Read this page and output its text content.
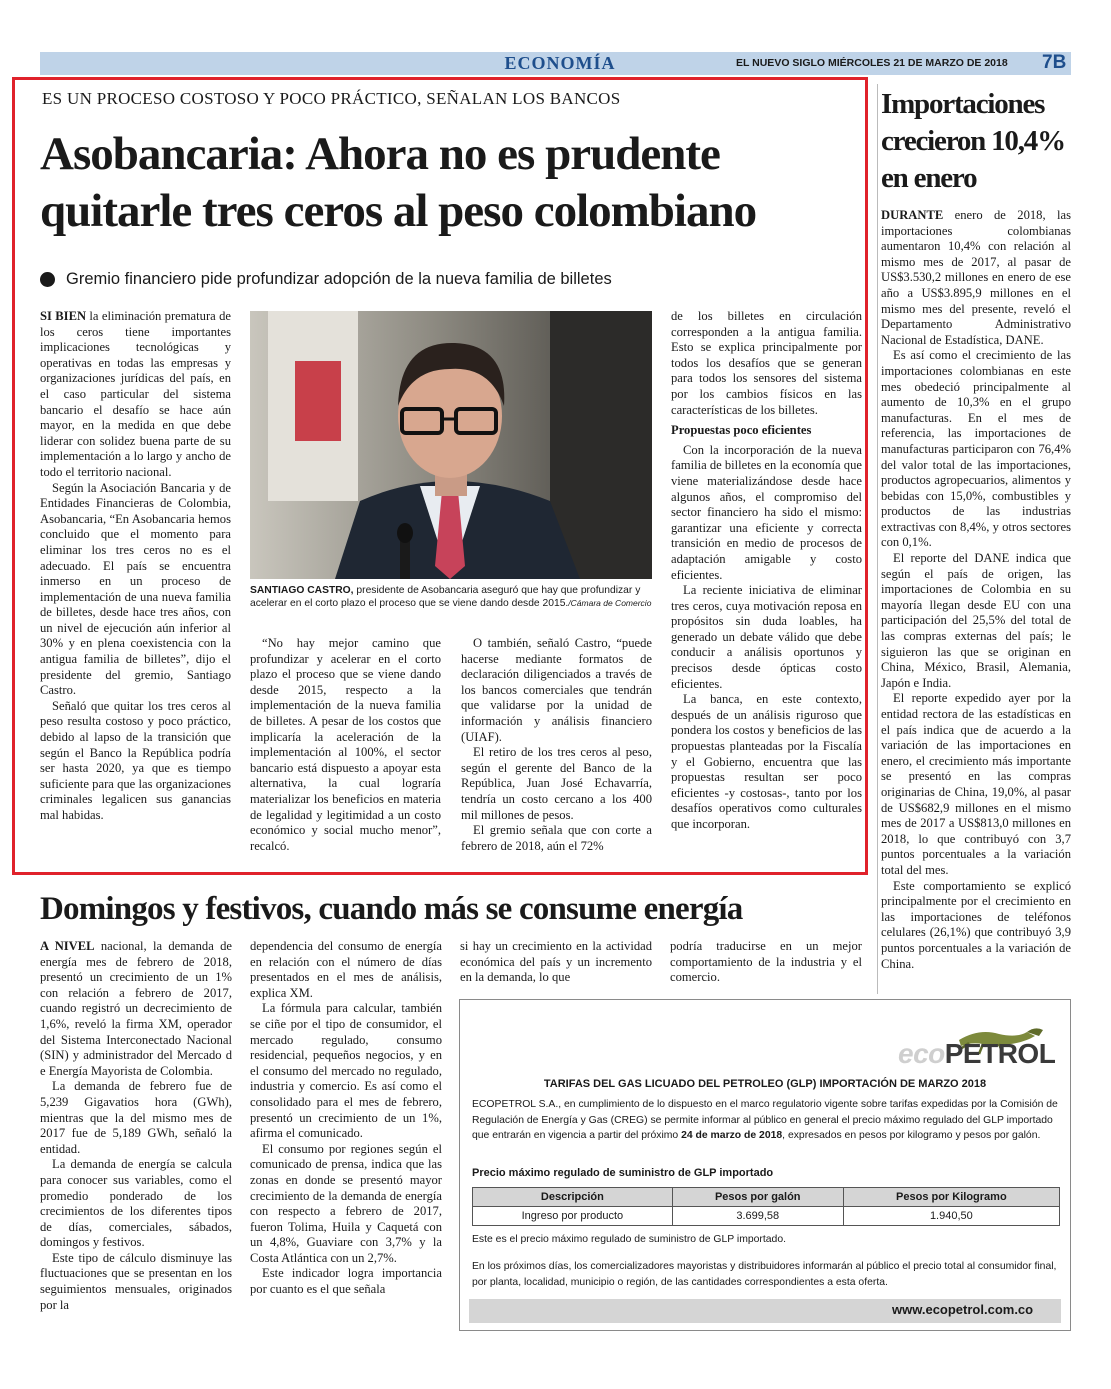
ECONOMÍA	EL NUEVO SIGLO MIÉRCOLES 21 DE MARZO DE 2018 7B
ES UN PROCESO COSTOSO Y POCO PRÁCTICO, SEÑALAN LOS BANCOS
Asobancaria: Ahora no es prudente quitarle tres ceros al peso colombiano
Gremio financiero pide profundizar adopción de la nueva familia de billetes

SI BIEN la eliminación prematura de los ceros tiene importantes implicaciones tecnológicas y operativas en todas las empresas y organizaciones jurídicas del país, en el caso particular del sistema bancario el desafío se hace aún mayor, en la medida en que debe liderar con solidez buena parte de su implementación a lo largo y ancho de todo el territorio nacional.

Según la Asociación Bancaria y de Entidades Financieras de Colombia, Asobancaria, “En Asobancaria hemos concluido que el momento para eliminar los tres ceros no es el adecuado. El país se encuentra inmerso en un proceso de implementación de una nueva familia de billetes, desde hace tres años, con un nivel de ejecución aún inferior al 30% y en plena coexistencia con la antigua familia de billetes”, dijo el presidente del gremio, Santiago Castro.

Señaló que quitar los tres ceros al peso resulta costoso y poco práctico, debido al lapso de la transición que según el Banco la República podría ser hasta 2020, ya que es tiempo suficiente para que las organizaciones criminales legalicen sus ganancias mal habidas.

SANTIAGO CASTRO, presidente de Asobancaria aseguró que hay que profundizar y acelerar en el corto plazo el proceso que se viene dando desde 2015./Cámara de Comercio

“No hay mejor camino que profundizar y acelerar en el corto plazo el proceso que se viene dando desde 2015, respecto a la implementación de la nueva familia de billetes. A pesar de los costos que implicaría la aceleración de la implementación al 100%, el sector bancario está dispuesto a apoyar esta alternativa, la cual lograría materializar los beneficios en materia de legalidad y legitimidad a un costo económico y social mucho menor”, recalcó.

O también, señaló Castro, “puede hacerse mediante formatos de declaración diligenciados a través de los bancos comerciales que tendrán que validarse por la unidad de información y análisis financiero (UIAF).

El retiro de los tres ceros al peso, según el gerente del Banco de la República, Juan José Echavarría, tendría un costo cercano a los 400 mil millones de pesos.

El gremio señala que con corte a febrero de 2018, aún el 72%

de los billetes en circulación corresponden a la antigua familia. Esto se explica principalmente por todos los desafíos que se generan para todos los sensores del sistema por los cambios físicos en las características de los billetes.

Propuestas poco eficientes

Con la incorporación de la nueva familia de billetes en la economía que viene materializándose desde hace algunos años, el compromiso del sector financiero ha sido el mismo: garantizar una eficiente y correcta transición en medio de procesos de adaptación amigable y costo eficientes.

La reciente iniciativa de eliminar tres ceros, cuya motivación reposa en propósitos sin duda loables, ha generado un debate válido que debe conducir a análisis oportunos y precisos desde ópticas costo eficientes.

La banca, en este contexto, después de un análisis riguroso que pondera los costos y beneficios de las propuestas planteadas por la Fiscalía y el Gobierno, encuentra que las propuestas resultan ser poco eficientes -y costosas-, tanto por los desafíos operativos como culturales que incorporan.

Importaciones crecieron 10,4% en enero

DURANTE enero de 2018, las importaciones colombianas aumentaron 10,4% con relación al mismo mes de 2017, al pasar de US$3.530,2 millones en enero de ese año a US$3.895,9 millones en el mismo mes del presente, reveló el Departamento Administrativo Nacional de Estadística, DANE.

Es así como el crecimiento de las importaciones colombianas en este mes obedeció principalmente al aumento de 10,3% en el grupo manufacturas. En el mes de referencia, las importaciones de manufacturas participaron con 76,4% del valor total de las importaciones, productos agropecuarios, alimentos y bebidas con 15,0%, combustibles y productos de las industrias extractivas con 8,4%, y otros sectores con 0,1%.

El reporte del DANE indica que según el país de origen, las importaciones de Colombia en su mayoría llegan desde EU con una participación del 25,5% del total de las compras externas del país; le siguieron las que se originan en China, México, Brasil, Alemania, Japón e India.

El reporte expedido ayer por la entidad rectora de las estadísticas en el país indica que de acuerdo a la variación de las importaciones en enero, el crecimiento más importante se presentó en las compras originarias de China, 19,0%, al pasar de US$682,9 millones en el mismo mes de 2017 a US$813,0 millones en 2018, lo que contribuyó con 3,7 puntos porcentuales a la variación total del mes.

Este comportamiento se explicó principalmente por el crecimiento en las importaciones de teléfonos celulares (26,1%) que contribuyó 3,9 puntos porcentuales a la variación de China.

Domingos y festivos, cuando más se consume energía

A NIVEL nacional, la demanda de energía mes de febrero de 2018, presentó un crecimiento de un 1% con relación a febrero de 2017, cuando registró un decrecimiento de 1,6%, reveló la firma XM, operador del Sistema Interconectado Nacional (SIN) y administrador del Mercado d e Energía Mayorista de Colombia.

La demanda de febrero fue de 5,239 Gigavatios hora (GWh), mientras que la del mismo mes de 2017 fue de 5,189 GWh, señaló la entidad.

La demanda de energía se calcula para conocer sus variables, como el promedio ponderado de los crecimientos de los diferentes tipos de días, comerciales, sábados, domingos y festivos.

Este tipo de cálculo disminuye las fluctuaciones que se presentan en los seguimientos mensuales, originados por la

dependencia del consumo de energía en relación con el número de días presentados en el mes de análisis, explica XM.

La fórmula para calcular, también se ciñe por el tipo de consumidor, el mercado regulado, consumo residencial, pequeños negocios, y en el consumo del mercado no regulado, industria y comercio. Es así como el consolidado para el mes de febrero, presentó un crecimiento de un 1%, afirma el comunicado.

El consumo por regiones según el comunicado de prensa, indica que las zonas en donde se presentó mayor crecimiento de la demanda de energía con respecto a febrero de 2017, fueron Tolima, Huila y Caquetá con un 4,8%, Guaviare con 3,7% y la Costa Atlántica con un 2,7%.

Este indicador logra importancia por cuanto es el que señala

si hay un crecimiento en la actividad económica del país y un incremento en la demanda, lo que

podría traducirse en un mejor comportamiento de la industria y el comercio.

ecoPETROL
TARIFAS DEL GAS LICUADO DEL PETROLEO (GLP) IMPORTACIÓN DE MARZO 2018
ECOPETROL S.A., en cumplimiento de lo dispuesto en el marco regulatorio vigente sobre tarifas expedidas por la Comisión de Regulación de Energía y Gas (CREG) se permite informar al público en general el precio máximo regulado del GLP importado que entrarán en vigencia a partir del próximo 24 de marzo de 2018, expresados en pesos por kilogramo y pesos por galón.
Precio máximo regulado de suministro de GLP importado
Descripción	Pesos por galón	Pesos por Kilogramo
Ingreso por producto	3.699,58	1.940,50
Este es el precio máximo regulado de suministro de GLP importado.
En los próximos días, los comercializadores mayoristas y distribuidores informarán al público el precio total al consumidor final, por planta, localidad, municipio o región, de las cantidades correspondientes a esta oferta.
www.ecopetrol.com.co
